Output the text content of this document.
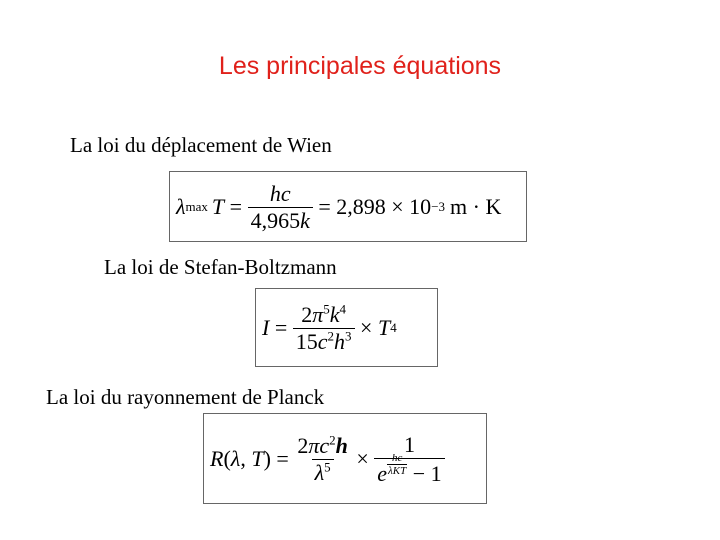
Les principales équations
La loi du déplacement de Wien
λ $\max T = \frac{hc}{4,965k} = 2,898 \times 10 -3$ m · K
La loi de Stefan-Boltzmann
$I = \frac{2\pi^5k^4}{15c^2h^3} \times T$ 4
La loi du rayonnement de Planck
R ( λ , T ) = $\frac{2\pi c^2h}{\lambda^5} \times \frac{1}{e \frac{hc}{\text{λKT}} - 1}$
